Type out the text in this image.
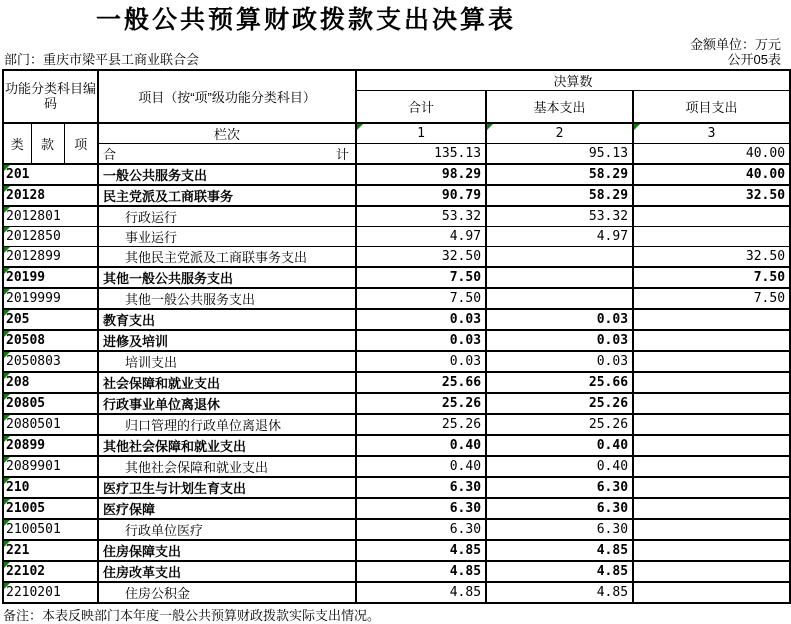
一般公共预算财政拨款支出决算表
金额单位：万元
部门：重庆市梁平县工商业联合会	公开05表
功能分类科目编码			项目（按“项”级功能分类科目）	决算数		
				合计	基本支出	项目支出
类	款	项	栏次	1	2	3

			合 计	135.13	95.13	40.00

201			一般公共服务支出	98.29	58.29	40.00

20128			民主党派及工商联事务	90.79	58.29	32.50

2012801			行政运行	53.32	53.32	

2012850			事业运行	4.97	4.97	

2012899			其他民主党派及工商联事务支出	32.50		32.50

20199			其他一般公共服务支出	7.50		7.50

2019999			其他一般公共服务支出	7.50		7.50

205			教育支出	0.03	0.03	

20508			进修及培训	0.03	0.03	

2050803			培训支出	0.03	0.03	

208			社会保障和就业支出	25.66	25.66	

20805			行政事业单位离退休	25.26	25.26	

2080501			归口管理的行政单位离退休	25.26	25.26	

20899			其他社会保障和就业支出	0.40	0.40	

2089901			其他社会保障和就业支出	0.40	0.40	

210			医疗卫生与计划生育支出	6.30	6.30	

21005			医疗保障	6.30	6.30	

2100501			行政单位医疗	6.30	6.30	

221			住房保障支出	4.85	4.85	

22102			住房改革支出	4.85	4.85	

2210201			住房公积金	4.85	4.85	
备注：本表反映部门本年度一般公共预算财政拨款实际支出情况。
